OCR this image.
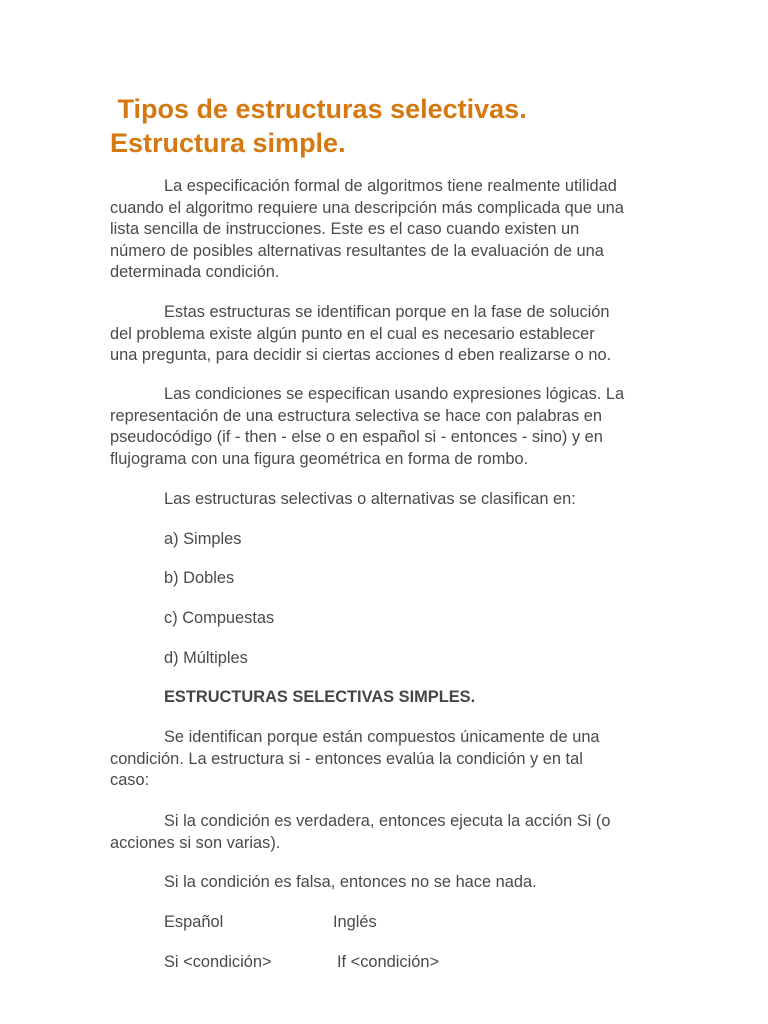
Tipos de estructuras selectivas.
Estructura simple.

La especificación formal de algoritmos tiene realmente utilidad
cuando el algoritmo requiere una descripción más complicada que una
lista sencilla de instrucciones. Este es el caso cuando existen un
número de posibles alternativas resultantes de la evaluación de una
determinada condición.

Estas estructuras se identifican porque en la fase de solución
del problema existe algún punto en el cual es necesario establecer
una pregunta, para decidir si ciertas acciones d eben realizarse o no.

Las condiciones se especifican usando expresiones lógicas. La
representación de una estructura selectiva se hace con palabras en
pseudocódigo (if - then - else o en español si - entonces - sino) y en
flujograma con una figura geométrica en forma de rombo.

Las estructuras selectivas o alternativas se clasifican en:

a) Simples

b) Dobles

c) Compuestas

d) Múltiples

ESTRUCTURAS SELECTIVAS SIMPLES.

Se identifican porque están compuestos únicamente de una
condición. La estructura si - entonces evalúa la condición y en tal
caso:

Si la condición es verdadera, entonces ejecuta la acción Si (o
acciones si son varias).

Si la condición es falsa, entonces no se hace nada.

Español	Inglés
Si <condición>	If <condición>
